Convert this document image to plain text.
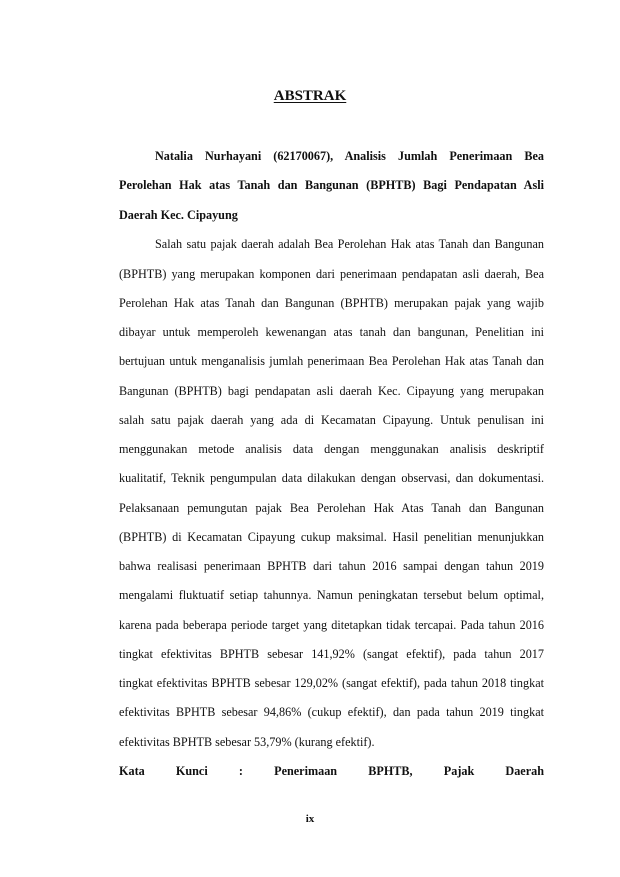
ABSTRAK
Natalia Nurhayani (62170067), Analisis Jumlah Penerimaan Bea
Perolehan Hak atas Tanah dan Bangunan (BPHTB) Bagi Pendapatan Asli
Daerah Kec. Cipayung
Salah satu pajak daerah adalah Bea Perolehan Hak atas Tanah dan Bangunan
(BPHTB) yang merupakan komponen dari penerimaan pendapatan asli daerah, Bea
Perolehan Hak atas Tanah dan Bangunan (BPHTB) merupakan pajak yang wajib
dibayar untuk memperoleh kewenangan atas tanah dan bangunan, Penelitian ini
bertujuan untuk menganalisis jumlah penerimaan Bea Perolehan Hak atas Tanah dan
Bangunan (BPHTB) bagi pendapatan asli daerah Kec. Cipayung yang merupakan
salah satu pajak daerah yang ada di Kecamatan Cipayung. Untuk penulisan ini
menggunakan metode analisis data dengan menggunakan analisis deskriptif
kualitatif, Teknik pengumpulan data dilakukan dengan observasi, dan dokumentasi.
Pelaksanaan pemungutan pajak Bea Perolehan Hak Atas Tanah dan Bangunan
(BPHTB) di Kecamatan Cipayung cukup maksimal. Hasil penelitian menunjukkan
bahwa realisasi penerimaan BPHTB dari tahun 2016 sampai dengan tahun 2019
mengalami fluktuatif setiap tahunnya. Namun peningkatan tersebut belum optimal,
karena pada beberapa periode target yang ditetapkan tidak tercapai. Pada tahun 2016
tingkat efektivitas BPHTB sebesar 141,92% (sangat efektif), pada tahun 2017
tingkat efektivitas BPHTB sebesar 129,02% (sangat efektif), pada tahun 2018 tingkat
efektivitas BPHTB sebesar 94,86% (cukup efektif), dan pada tahun 2019 tingkat
efektivitas BPHTB sebesar 53,79% (kurang efektif).
Kata Kunci : Penerimaan BPHTB, Pajak Daerah
ix
